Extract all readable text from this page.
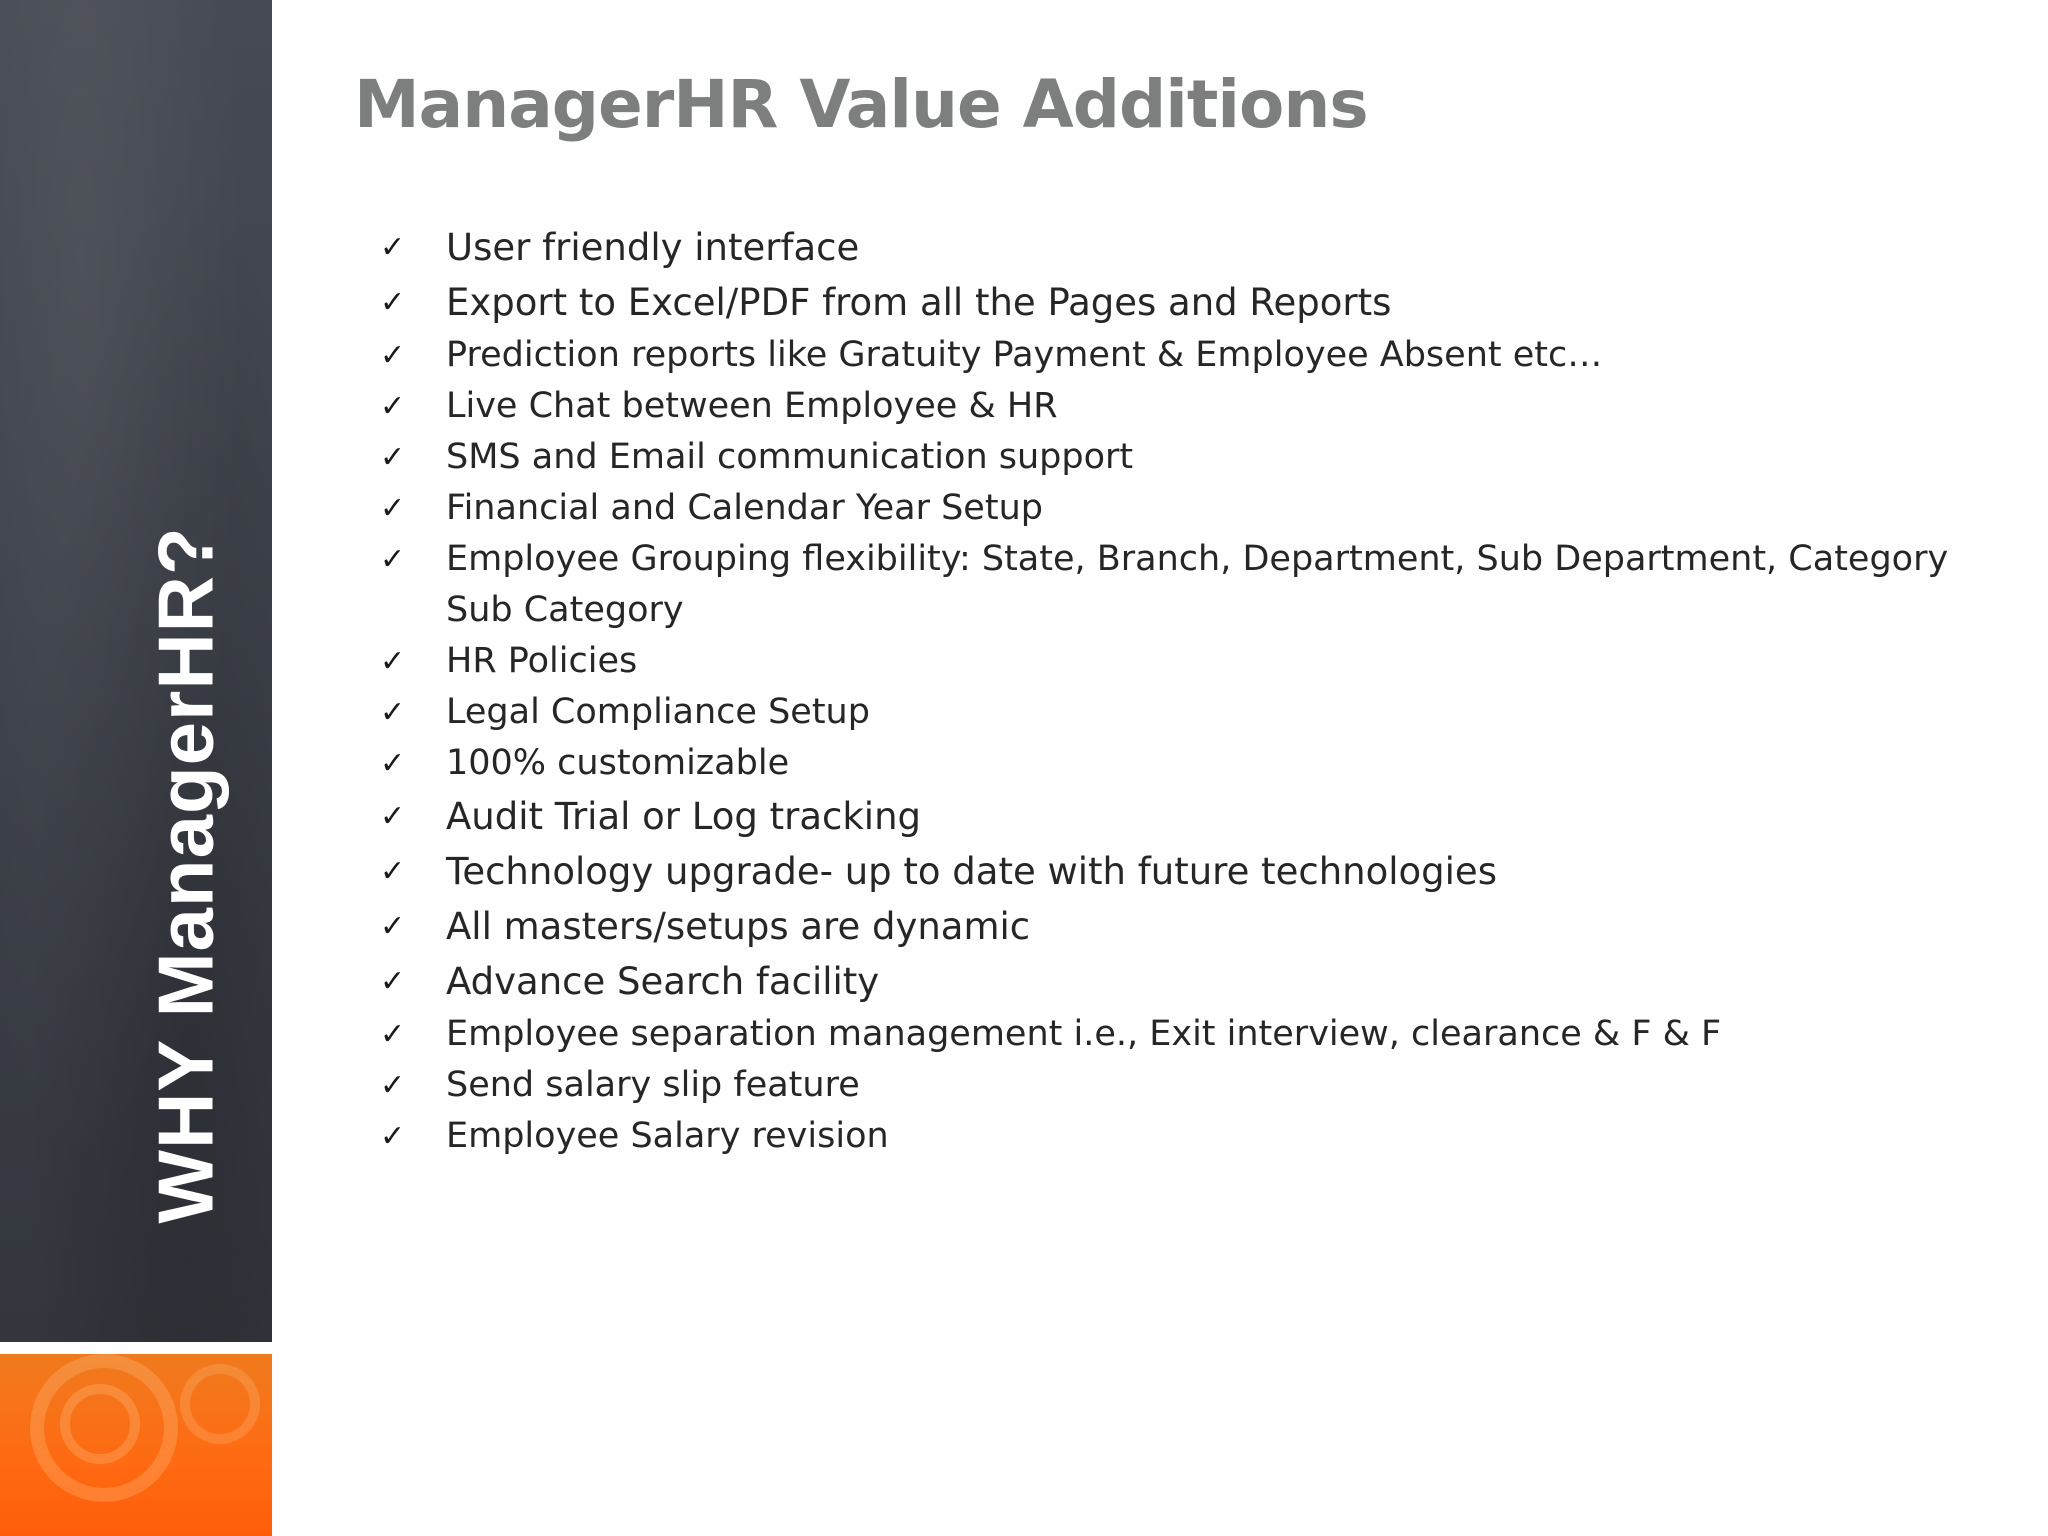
WHY ManagerHR?
ManagerHR Value Additions
✓	User friendly interface
✓	Export to Excel/PDF from all the Pages and Reports
✓	Prediction reports like Gratuity Payment & Employee Absent etc…
✓	Live Chat between Employee & HR
✓	SMS and Email communication support
✓	Financial and Calendar Year Setup
✓	Employee Grouping flexibility: State, Branch, Department, Sub Department, Category Sub Category
✓	HR Policies
✓	Legal Compliance Setup
✓	100% customizable
✓	Audit Trial or Log tracking
✓	Technology upgrade- up to date with future technologies
✓	All masters/setups are dynamic
✓	Advance Search facility
✓	Employee separation management i.e., Exit interview, clearance & F & F
✓	Send salary slip feature
✓	Employee Salary revision
